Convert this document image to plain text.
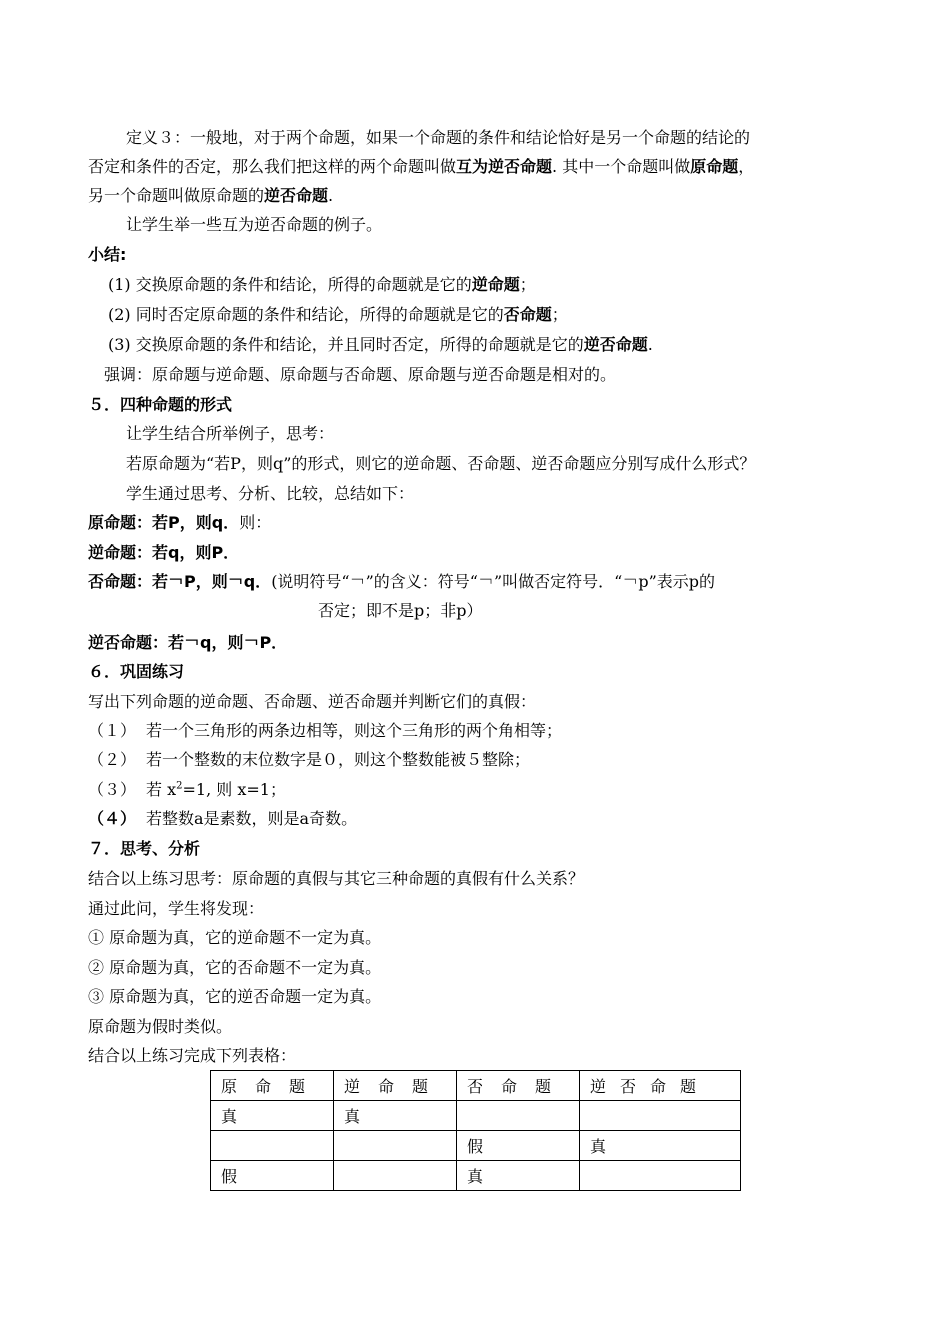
定义３：一般地，对于两个命题，如果一个命题的条件和结论恰好是另一个命题的结论的
否定和条件的否定，那么我们把这样的两个命题叫做互为逆否命题. 其中一个命题叫做原命题，
另一个命题叫做原命题的逆否命题.
让学生举一些互为逆否命题的例子。
小结:
(1) 交换原命题的条件和结论，所得的命题就是它的逆命题；
(2) 同时否定原命题的条件和结论，所得的命题就是它的否命题；
(3) 交换原命题的条件和结论，并且同时否定，所得的命题就是它的逆否命题.
强调：原命题与逆命题、原命题与否命题、原命题与逆否命题是相对的。
５．四种命题的形式
让学生结合所举例子，思考：
若原命题为“若P，则q”的形式，则它的逆命题、否命题、逆否命题应分别写成什么形式？
学生通过思考、分析、比较，总结如下：
原命题：若P，则q．则：
逆命题：若q，则P．
否命题：若￢P，则￢q．(说明符号“￢”的含义：符号“￢”叫做否定符号．“￢p”表示p的
否定；即不是p；非p）
逆否命题：若￢q，则￢P．
６．巩固练习
写出下列命题的逆命题、否命题、逆否命题并判断它们的真假：
（１） 若一个三角形的两条边相等，则这个三角形的两个角相等；
（２） 若一个整数的末位数字是０，则这个整数能被５整除；
（３） 若 $x^2=1$, 则 x=1；
（４） 若整数a是素数，则是a奇数。
７．思考、分析
结合以上练习思考：原命题的真假与其它三种命题的真假有什么关系？
通过此问，学生将发现：
① 原命题为真，它的逆命题不一定为真。
② 原命题为真，它的否命题不一定为真。
③ 原命题为真，它的逆否命题一定为真。
原命题为假时类似。
结合以上练习完成下列表格：
原命题	逆命题	否命题	逆否命题
真	真		
		假	真
假		真	
